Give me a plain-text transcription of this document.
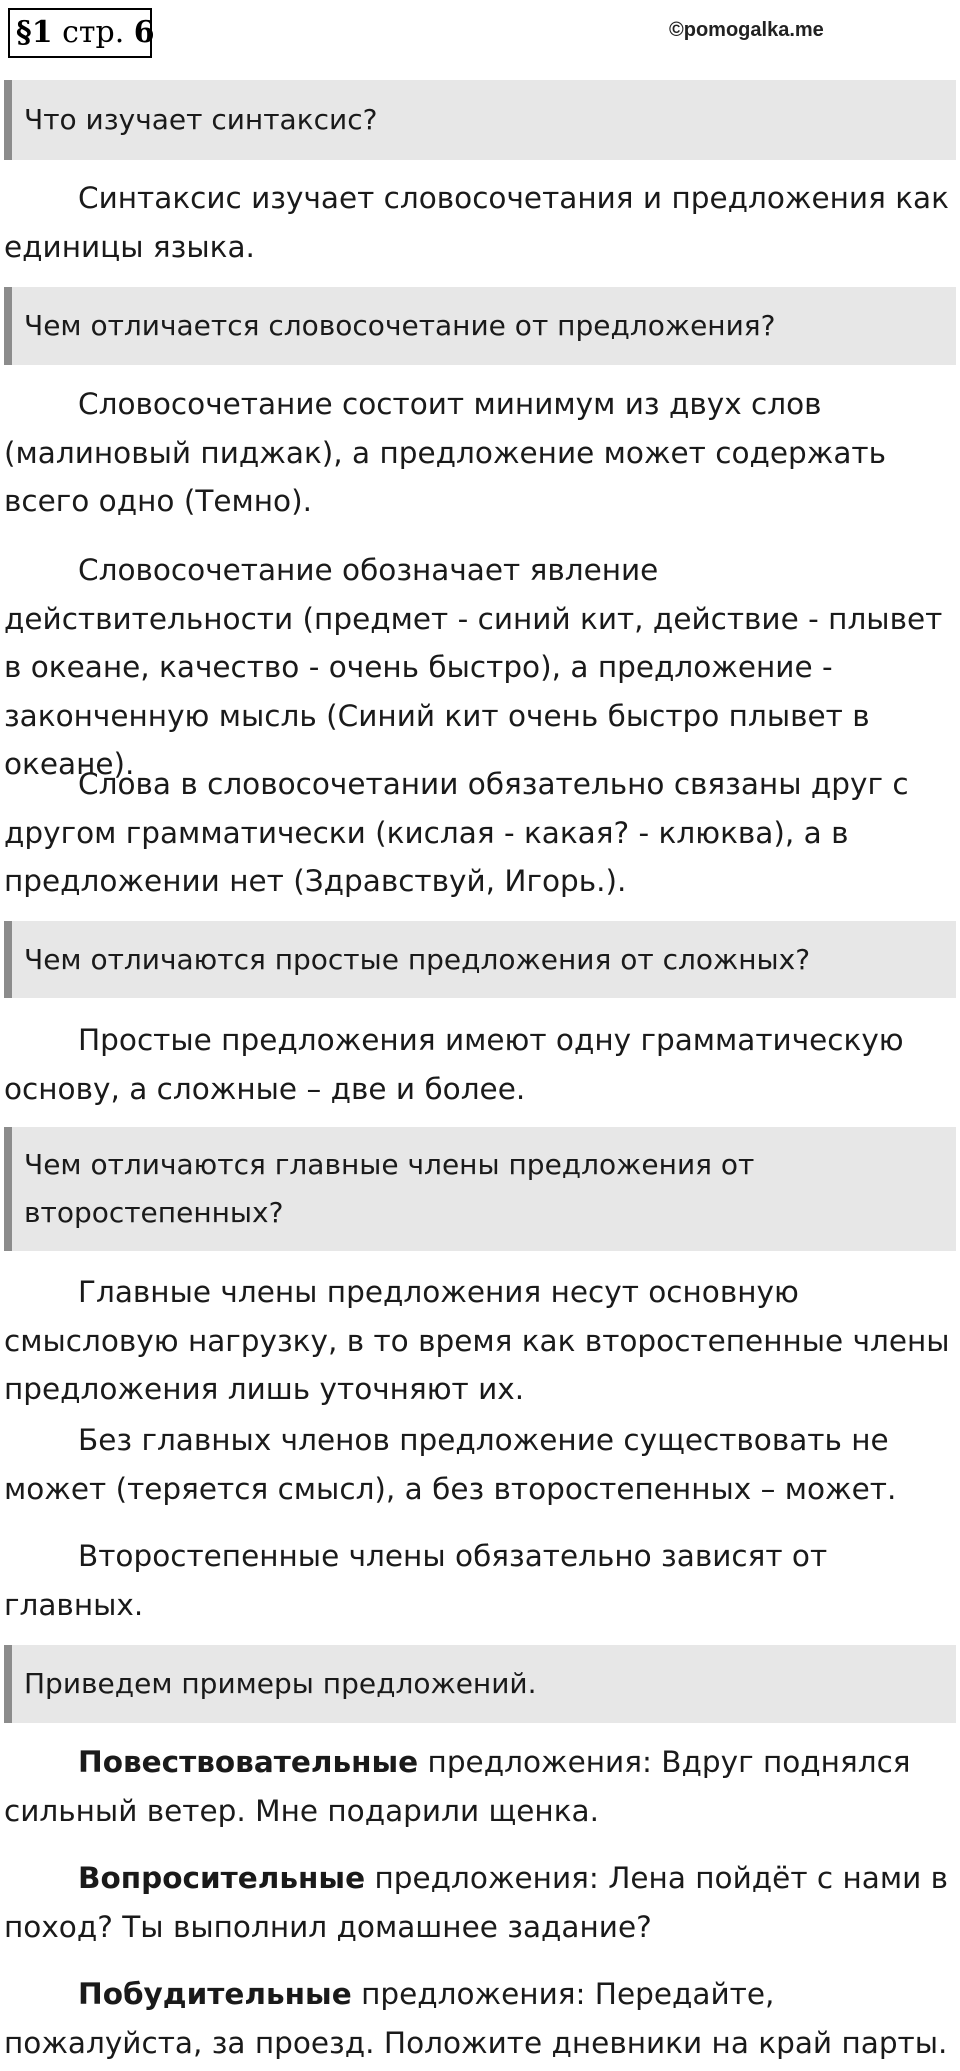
§1 стр. 6	©pomogalka.me
Что изучает синтаксис?
Синтаксис изучает словосочетания и предложения как единицы языка.
Чем отличается словосочетание от предложения?
Словосочетание состоит минимум из двух слов (малиновый пиджак), а предложение может содержать всего одно (Темно).
Словосочетание обозначает явление действительности (предмет - синий кит, действие - плывет в океане, качество - очень быстро), а предложение - законченную мысль (Синий кит очень быстро плывет в океане).
Слова в словосочетании обязательно связаны друг с другом грамматически (кислая - какая? - клюква), а в предложении нет (Здравствуй, Игорь.).
Чем отличаются простые предложения от сложных?
Простые предложения имеют одну грамматическую основу, а сложные – две и более.
Чем отличаются главные члены предложения от второстепенных?
Главные члены предложения несут основную смысловую нагрузку, в то время как второстепенные члены предложения лишь уточняют их.
Без главных членов предложение существовать не может (теряется смысл), а без второстепенных – может.
Второстепенные члены обязательно зависят от главных.
Приведем примеры предложений.
Повествовательные предложения: Вдруг поднялся сильный ветер. Мне подарили щенка.
Вопросительные предложения: Лена пойдёт с нами в поход? Ты выполнил домашнее задание?
Побудительные предложения: Передайте, пожалуйста, за проезд. Положите дневники на край парты.
